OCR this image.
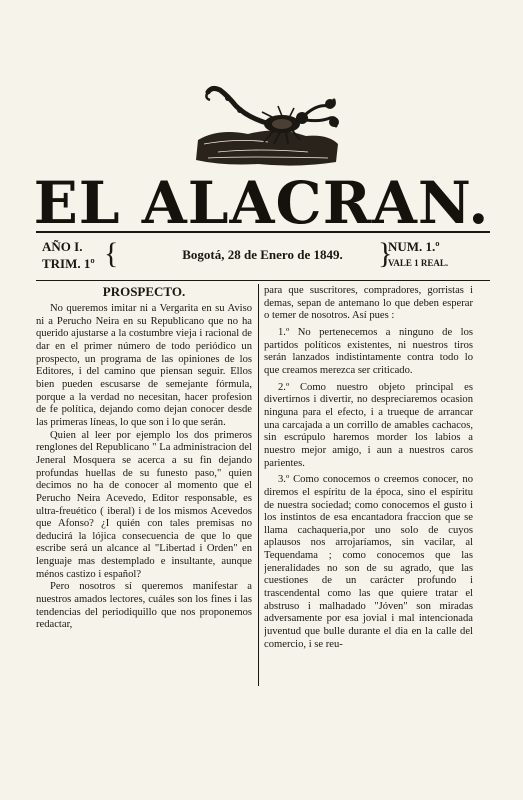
EL ALACRAN.
AÑO I.
TRIM. 1º {	Bogotá, 28 de Enero de 1849.	}
NUM. 1.º
VALE 1 REAL.
PROSPECTO.

No queremos imitar ni a Vergarita en su Aviso ni a Perucho Neira en su Republicano que no ha querido ajustarse a la costumbre vieja i racional de dar en el primer número de todo periódico un prospecto, un programa de las opiniones de los Editores, i del camino que piensan seguir. Ellos bien pueden escusarse de semejante fórmula, porque a la verdad no necesitan, hacer profesion de fe política, dejando como dejan conocer desde las primeras líneas, lo que son i lo que serán.

Quien al leer por ejemplo los dos primeros renglones del Republicano " La administracion del Jeneral Mosquera se acerca a su fin dejando profundas huellas de su funesto paso," quien decimos no ha de conocer al momento que el Perucho Neira Acevedo, Editor responsable, es ultra-freuético ( iberal) i de los mismos Acevedos que Afonso? ¿I quién con tales premisas no deducirá la lójica consecuencia de que lo que escribe será un alcance al "Libertad i Orden" en lenguaje mas destemplado e insultante, aunque ménos castizo i español?

Pero nosotros sí queremos manifestar a nuestros amados lectores, cuáles son los fines i las tendencias del periodiquillo que nos proponemos redactar,

para que suscritores, compradores, gorristas i demas, sepan de antemano lo que deben esperar o temer de nosotros. Así pues :

1.º No pertenecemos a ninguno de los partidos políticos existentes, ni nuestros tiros serán lanzados indistintamente contra todo lo que creamos merezca ser criticado.

2.º Como nuestro objeto principal es divertirnos i divertir, no despreciaremos ocasion ninguna para el efecto, i a trueque de arrancar una carcajada a un corrillo de amables cachacos, sin escrúpulo haremos morder los labios a nuestro mejor amigo, i aun a nuestros caros parientes.

3.º Como conocemos o creemos conocer, no diremos el espíritu de la época, sino el espíritu de nuestra sociedad; como conocemos el gusto i los instintos de esa encantadora fraccion que se llama cachaqueria,por uno solo de cuyos aplausos nos arrojaríamos, sin vacilar, al Tequendama ; como conocemos que las jeneralidades no son de su agrado, que las cuestiones de un carácter profundo i trascendental como las que quiere tratar el abstruso i malhadado "Jóven" son miradas adversamente por esa jovial i mal intencionada juventud que bulle durante el dia en la calle del comercio, i se reu-
